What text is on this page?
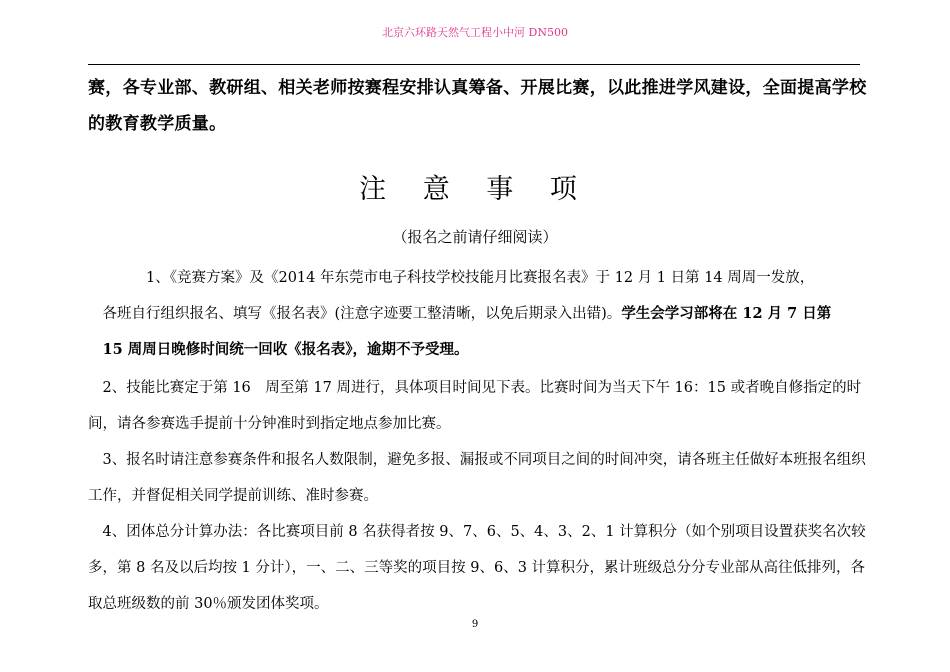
北京六环路天然气工程小中河 DN500
赛，各专业部、教研组、相关老师按赛程安排认真筹备、开展比赛，以此推进学风建设，全面提高学校的教育教学质量。
注 意 事 项
（报名之前请仔细阅读）
　　　　1、《竞赛方案》及《2014 年东莞市电子科技学校技能月比赛报名表》于 12 月 1 日第 14 周周一发放，
　各班自行组织报名、填写《报名表》(注意字迹要工整清晰，以免后期录入出错)。学生会学习部将在 12 月 7 日第
　15 周周日晚修时间统一回收《报名表》，逾期不予受理。
　2、技能比赛定于第 16　周至第 17 周进行，具体项目时间见下表。比赛时间为当天下午 16：15 或者晚自修指定的时间，请各参赛选手提前十分钟准时到指定地点参加比赛。
　3、报名时请注意参赛条件和报名人数限制，避免多报、漏报或不同项目之间的时间冲突，请各班主任做好本班报名组织工作，并督促相关同学提前训练、准时参赛。
　4、团体总分计算办法：各比赛项目前 8 名获得者按 9、7、6、5、4、3、2、1 计算积分（如个别项目设置获奖名次较多，第 8 名及以后均按 1 分计），一、二、三等奖的项目按 9、6、3 计算积分，累计班级总分分专业部从高往低排列，各取总班级数的前 30％颁发团体奖项。
9
